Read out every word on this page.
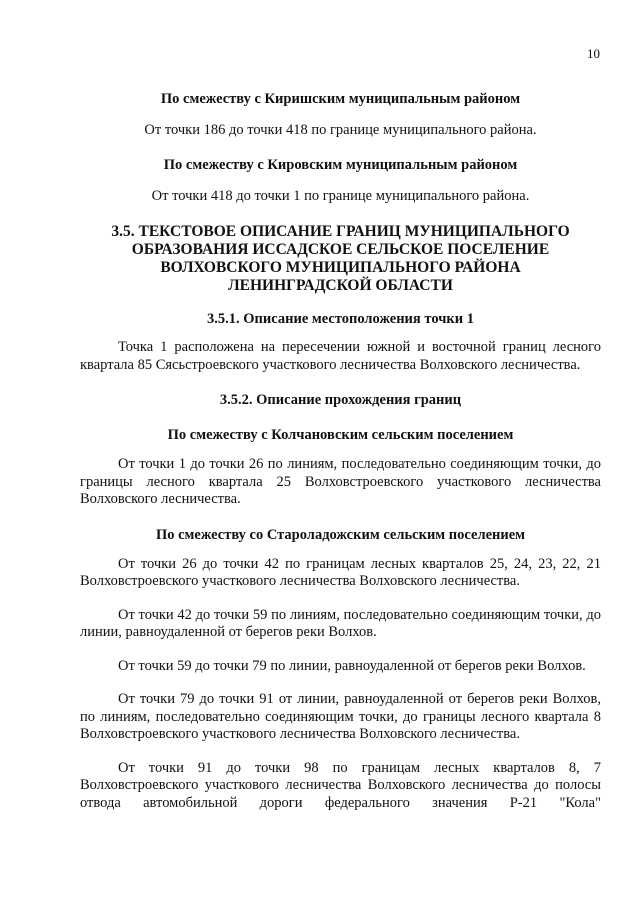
10

По смежеству с Киришским муниципальным районом

От точки 186 до точки 418 по границе муниципального района.

По смежеству с Кировским муниципальным районом

От точки 418 до точки 1 по границе муниципального района.

3.5. ТЕКСТОВОЕ ОПИСАНИЕ ГРАНИЦ МУНИЦИПАЛЬНОГО

ОБРАЗОВАНИЯ ИССАДСКОЕ СЕЛЬСКОЕ ПОСЕЛЕНИЕ

ВОЛХОВСКОГО МУНИЦИПАЛЬНОГО РАЙОНА

ЛЕНИНГРАДСКОЙ ОБЛАСТИ

3.5.1. Описание местоположения точки 1

Точка 1 расположена на пересечении южной и восточной границ лесного квартала 85 Сясьстроевского участкового лесничества Волховского лесничества.

3.5.2. Описание прохождения границ

По смежеству с Колчановским сельским поселением

От точки 1 до точки 26 по линиям, последовательно соединяющим точки, до границы лесного квартала 25 Волховстроевского участкового лесничества Волховского лесничества.

По смежеству со Староладожским сельским поселением

От точки 26 до точки 42 по границам лесных кварталов 25, 24, 23, 22, 21 Волховстроевского участкового лесничества Волховского лесничества.

От точки 42 до точки 59 по линиям, последовательно соединяющим точки, до линии, равноудаленной от берегов реки Волхов.

От точки 59 до точки 79 по линии, равноудаленной от берегов реки Волхов.

От точки 79 до точки 91 от линии, равноудаленной от берегов реки Волхов, по линиям, последовательно соединяющим точки, до границы лесного квартала 8 Волховстроевского участкового лесничества Волховского лесничества.

От точки 91 до точки 98 по границам лесных кварталов 8, 7 Волховстроевского участкового лесничества Волховского лесничества до полосы отвода автомобильной дороги федерального значения Р-21 "Кола"
